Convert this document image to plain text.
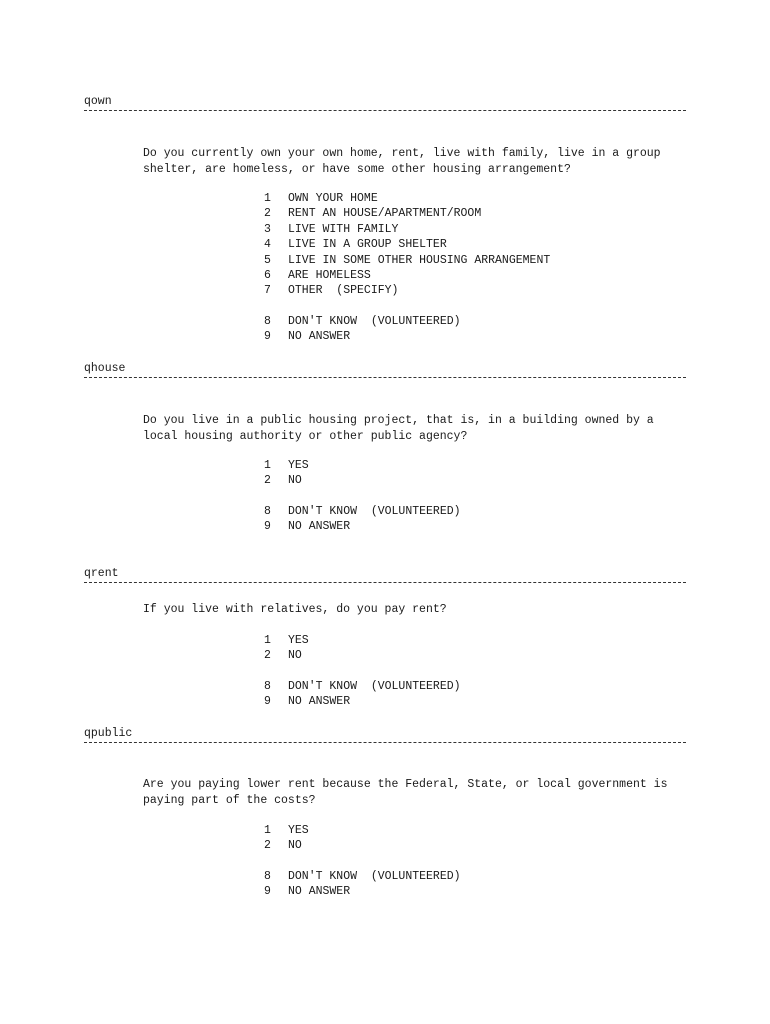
qown
Do you currently own your own home, rent, live with family, live in a group shelter, are homeless, or have some other housing arrangement?
1 OWN YOUR HOME
2 RENT AN HOUSE/APARTMENT/ROOM
3 LIVE WITH FAMILY
4 LIVE IN A GROUP SHELTER
5 LIVE IN SOME OTHER HOUSING ARRANGEMENT
6 ARE HOMELESS
7 OTHER  (SPECIFY)
8 DON'T KNOW  (VOLUNTEERED)
9 NO ANSWER
qhouse
Do you live in a public housing project, that is, in a building owned by a local housing authority or other public agency?
1 YES
2 NO
8 DON'T KNOW  (VOLUNTEERED)
9 NO ANSWER
qrent
If you live with relatives, do you pay rent?
1 YES
2 NO
8 DON'T KNOW  (VOLUNTEERED)
9 NO ANSWER
qpublic
Are you paying lower rent because the Federal, State, or local government is paying part of the costs?
1 YES
2 NO
8 DON'T KNOW  (VOLUNTEERED)
9 NO ANSWER
